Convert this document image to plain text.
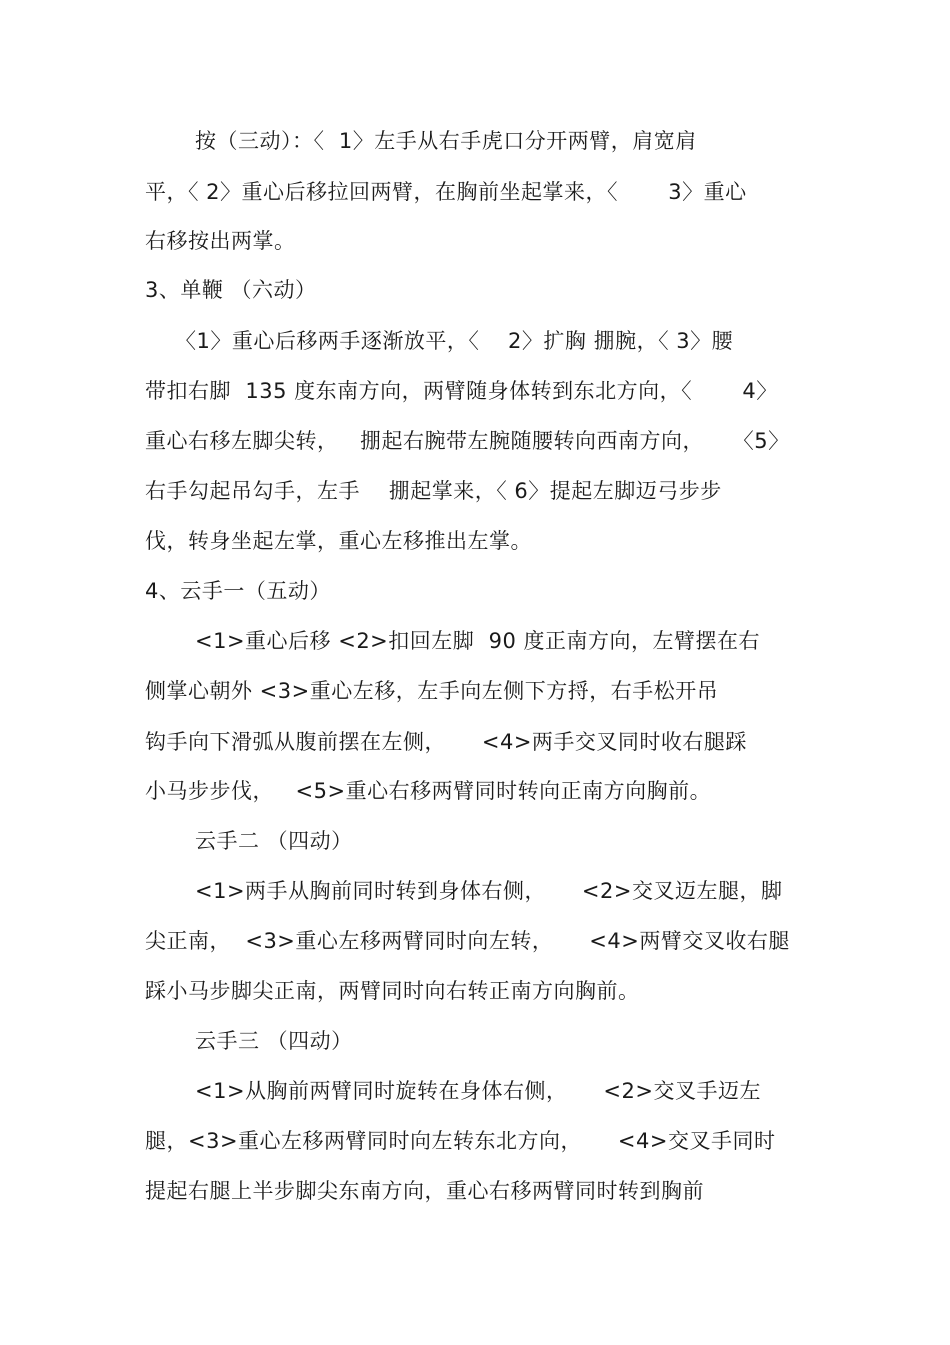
按（三动）：〈  1〉左手从右手虎口分开两臂，肩宽肩
平，〈 2〉重心后移拉回两臂，在胸前坐起掌来，〈       3〉重心
右移按出两掌。
3、单鞭 （六动）
〈1〉重心后移两手逐渐放平，〈    2〉扩胸 掤腕，〈 3〉腰
带扣右脚  135 度东南方向，两臂随身体转到东北方向，〈       4〉
重心右移左脚尖转，   掤起右腕带左腕随腰转向西南方向，    〈5〉
右手勾起吊勾手，左手    掤起掌来，〈 6〉提起左脚迈弓步步
伐，转身坐起左掌，重心左移推出左掌。
4、云手一（五动）
<1>重心后移 <2>扣回左脚  90 度正南方向，左臂摆在右
侧掌心朝外 <3>重心左移，左手向左侧下方捋，右手松开吊
钩手向下滑弧从腹前摆在左侧，     <4>两手交叉同时收右腿踩
小马步步伐，   <5>重心右移两臂同时转向正南方向胸前。
云手二 （四动）
<1>两手从胸前同时转到身体右侧，     <2>交叉迈左腿，脚
尖正南，  <3>重心左移两臂同时向左转，     <4>两臂交叉收右腿
踩小马步脚尖正南，两臂同时向右转正南方向胸前。
云手三 （四动）
<1>从胸前两臂同时旋转在身体右侧，     <2>交叉手迈左
腿，<3>重心左移两臂同时向左转东北方向，     <4>交叉手同时
提起右腿上半步脚尖东南方向，重心右移两臂同时转到胸前
